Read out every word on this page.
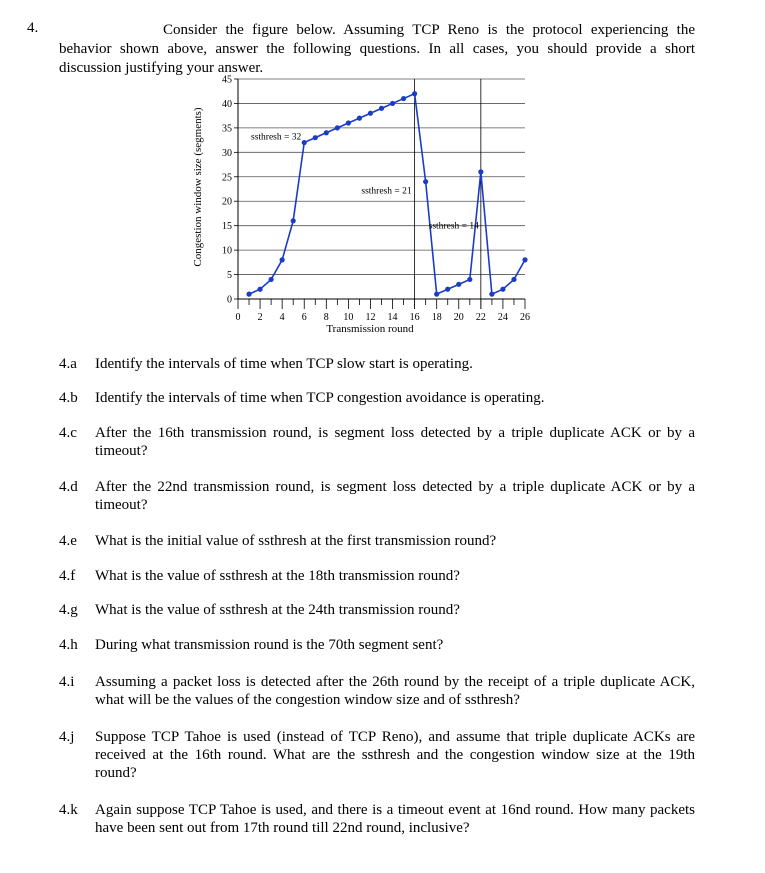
4.	Consider the figure below. Assuming TCP Reno is the protocol experiencing the behavior shown above, answer the following questions. In all cases, you should provide a short discussion justifying your answer.
0
5
10
15
20
25
30
35
40
45
0 2 4 6 8 10 12 14 16 18 20 22 24 26
ssthresh = 32
ssthresh = 21
ssthresh = 14
Transmission round
Congestion window size (segments)
4.a Identify the intervals of time when TCP slow start is operating.
4.b Identify the intervals of time when TCP congestion avoidance is operating.
4.c After the 16th transmission round, is segment loss detected by a triple duplicate ACK or by a timeout?
4.d After the 22nd transmission round, is segment loss detected by a triple duplicate ACK or by a timeout?
4.e What is the initial value of ssthresh at the first transmission round?
4.f What is the value of ssthresh at the 18th transmission round?
4.g What is the value of ssthresh at the 24th transmission round?
4.h During what transmission round is the 70th segment sent?
4.i Assuming a packet loss is detected after the 26th round by the receipt of a triple duplicate ACK, what will be the values of the congestion window size and of ssthresh?
4.j Suppose TCP Tahoe is used (instead of TCP Reno), and assume that triple duplicate ACKs are received at the 16th round. What are the ssthresh and the congestion window size at the 19th round?
4.k Again suppose TCP Tahoe is used, and there is a timeout event at 16nd round. How many packets have been sent out from 17th round till 22nd round, inclusive?
